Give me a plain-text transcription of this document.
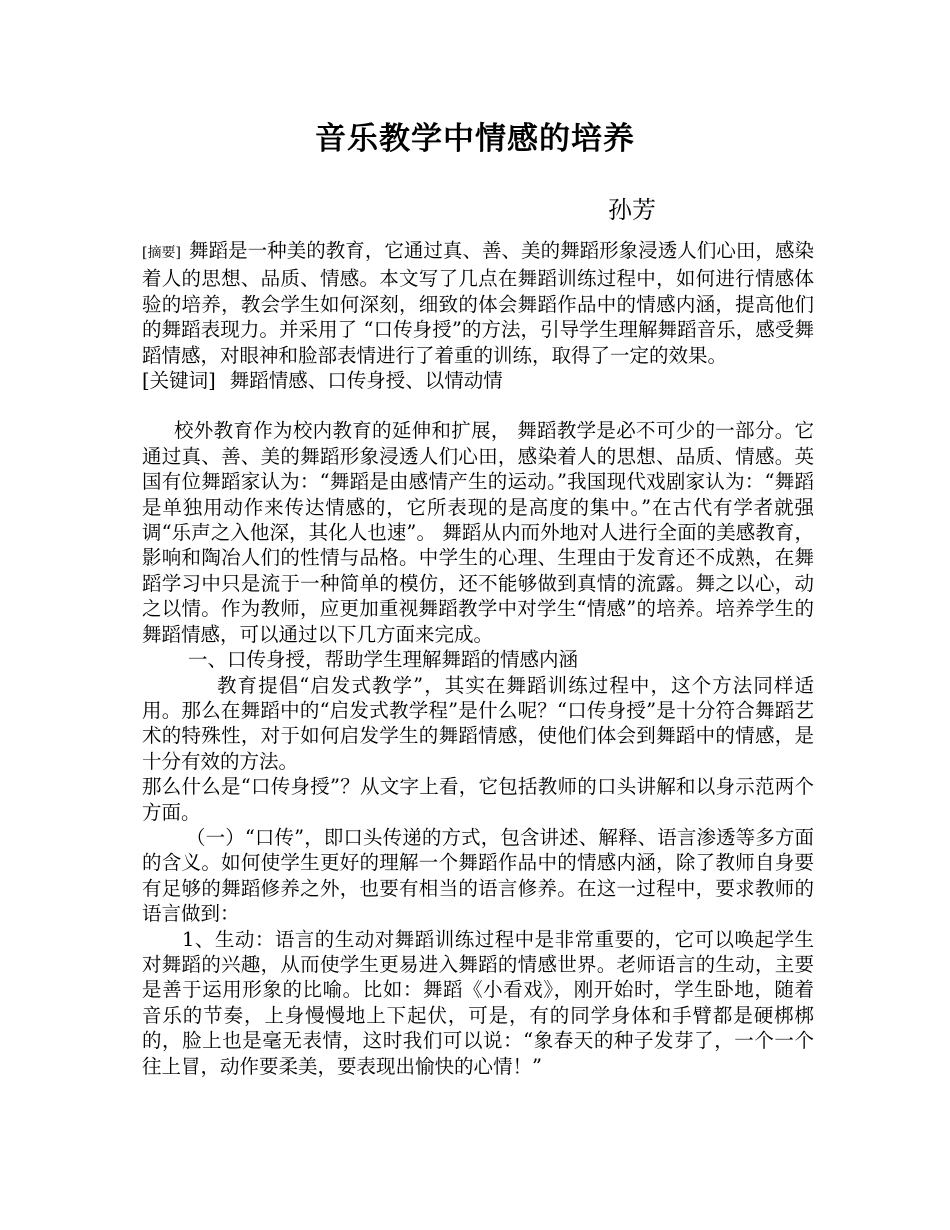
音乐教学中情感的培养
孙芳

[摘要] 舞蹈是一种美的教育，它通过真、善、美的舞蹈形象浸透人们心田，感染着人的思想、品质、情感。本文写了几点在舞蹈训练过程中，如何进行情感体验的培养，教会学生如何深刻，细致的体会舞蹈作品中的情感内涵，提高他们的舞蹈表现力。并采用了 “口传身授”的方法，引导学生理解舞蹈音乐，感受舞蹈情感，对眼神和脸部表情进行了着重的训练，取得了一定的效果。

[关键词] 舞蹈情感、口传身授、以情动情

校外教育作为校内教育的延伸和扩展， 舞蹈教学是必不可少的一部分。它通过真、善、美的舞蹈形象浸透人们心田，感染着人的思想、品质、情感。英国有位舞蹈家认为：“舞蹈是由感情产生的运动。”我国现代戏剧家认为：“舞蹈是单独用动作来传达情感的，它所表现的是高度的集中。”在古代有学者就强调“乐声之入他深，其化人也速”。 舞蹈从内而外地对人进行全面的美感教育，影响和陶冶人们的性情与品格。中学生的心理、生理由于发育还不成熟，在舞蹈学习中只是流于一种简单的模仿，还不能够做到真情的流露。舞之以心，动之以情。作为教师，应更加重视舞蹈教学中对学生“情感”的培养。培养学生的舞蹈情感，可以通过以下几方面来完成。

一、口传身授，帮助学生理解舞蹈的情感内涵

教育提倡“启发式教学”，其实在舞蹈训练过程中，这个方法同样适用。那么在舞蹈中的“启发式教学程”是什么呢？“口传身授”是十分符合舞蹈艺术的特殊性，对于如何启发学生的舞蹈情感，使他们体会到舞蹈中的情感，是十分有效的方法。

那么什么是“口传身授”？从文字上看，它包括教师的口头讲解和以身示范两个方面。

（一）“口传”，即口头传递的方式，包含讲述、解释、语言渗透等多方面的含义。如何使学生更好的理解一个舞蹈作品中的情感内涵，除了教师自身要有足够的舞蹈修养之外，也要有相当的语言修养。在这一过程中，要求教师的语言做到：

1、生动：语言的生动对舞蹈训练过程中是非常重要的，它可以唤起学生对舞蹈的兴趣，从而使学生更易进入舞蹈的情感世界。老师语言的生动，主要是善于运用形象的比喻。比如：舞蹈《小看戏》，刚开始时，学生卧地，随着音乐的节奏，上身慢慢地上下起伏，可是，有的同学身体和手臂都是硬梆梆的，脸上也是毫无表情，这时我们可以说：“象春天的种子发芽了，一个一个往上冒，动作要柔美，要表现出愉快的心情！”
